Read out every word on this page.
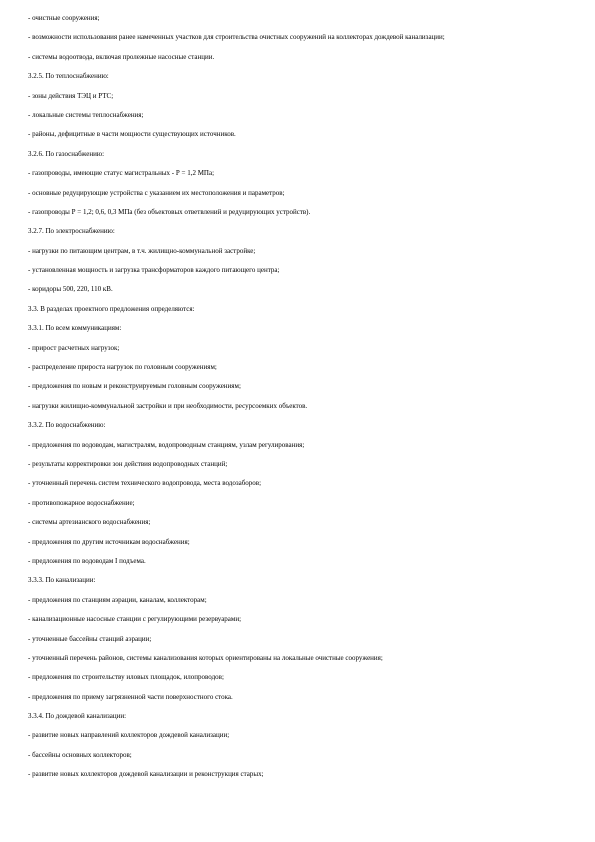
- очистные сооружения;
- возможности использования ранее намеченных участков для строительства очистных сооружений на коллекторах дождевой канализации;
- системы водоотвода, включая пролежные насосные станции.
3.2.5. По теплоснабжению:
- зоны действия ТЭЦ и РТС;
- локальные системы теплоснабжения;
- районы, дефицитные в части мощности существующих источников.
3.2.6. По газоснабжению:
- газопроводы, имеющие статус магистральных - Р = 1,2 МПа;
- основные редуцирующие устройства с указанием их местоположения и параметров;
- газопроводы Р = 1,2; 0,6, 0,3 МПа (без объектовых ответвлений и редуцирующих устройств).
3.2.7. По электроснабжению:
- нагрузки по питающим центрам, в т.ч. жилищно-коммунальной застройке;
- установленная мощность и загрузка трансформаторов каждого питающего центра;
- коридоры 500, 220, 110 кВ.
3.3. В разделах проектного предложения определяются:
3.3.1. По всем коммуникациям:
- прирост расчетных нагрузок;
- распределение прироста нагрузок по головным сооружениям;
- предложения по новым и реконструируемым головным сооружениям;
- нагрузки жилищно-коммунальной застройки и при необходимости, ресурсоемких объектов.
3.3.2. По водоснабжению:
- предложения по водоводам, магистралям, водопроводным станциям, узлам регулирования;
- результаты корректировки зон действия водопроводных станций;
- уточненный перечень систем технического водопровода, места водозаборов;
- противопожарное водоснабжение;
- системы артезианского водоснабжения;
- предложения по другим источникам водоснабжения;
- предложения по водоводам I подъема.
3.3.3. По канализации:
- предложения по станциям аэрации, каналам, коллекторам;
- канализационные насосные станции с регулирующими резервуарами;
- уточненные бассейны станций аэрации;
- уточненный перечень районов, системы канализования которых ориентированы на локальные очистные сооружения;
- предложения по строительству иловых площадок, илопроводов;
- предложения по приему загрязненной части поверхностного стока.
3.3.4. По дождевой канализации:
- развитие новых направлений коллекторов дождевой канализации;
- бассейны основных коллекторов;
- развитие новых коллекторов дождевой канализации и реконструкция старых;
